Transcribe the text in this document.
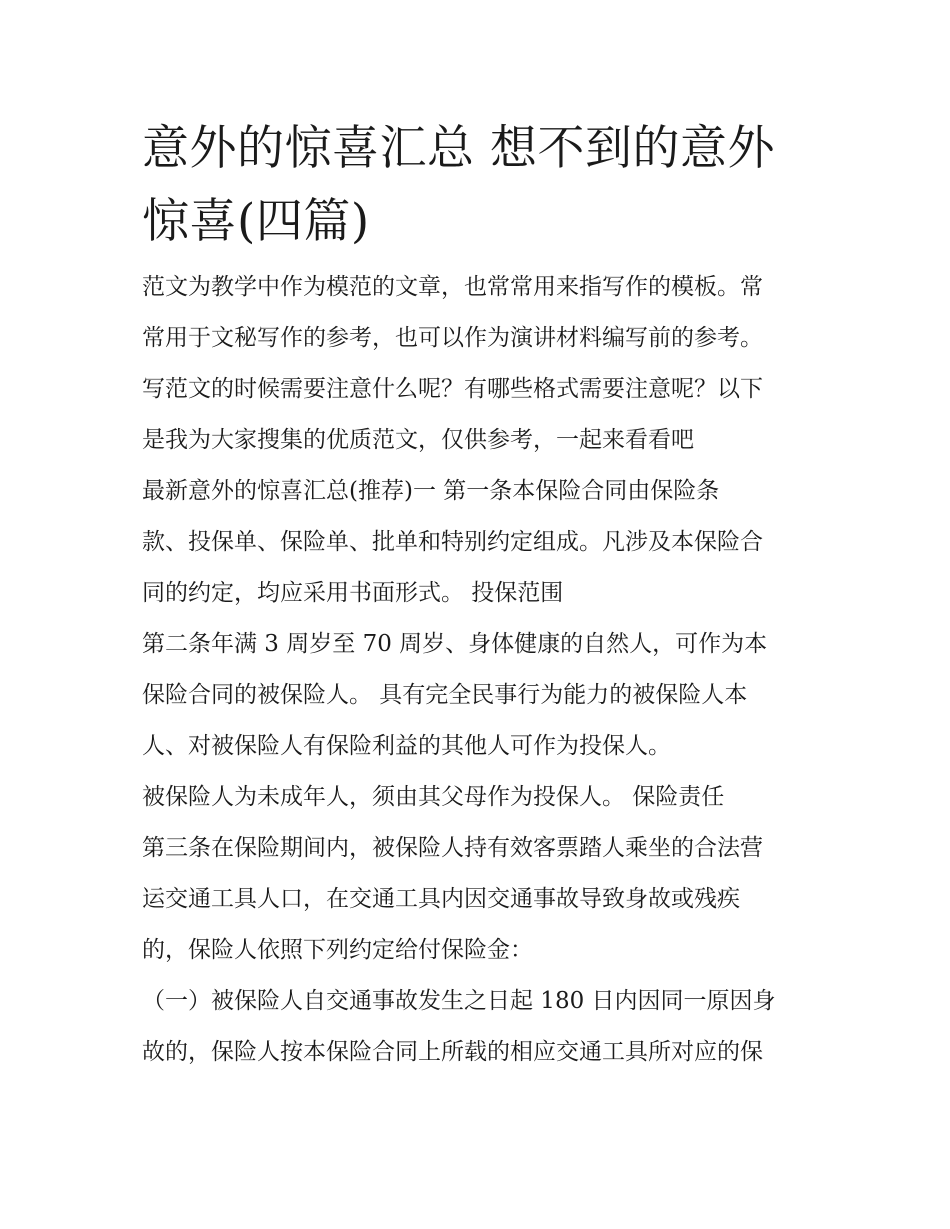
意外的惊喜汇总 想不到的意外
惊喜(四篇)

范文为教学中作为模范的文章，也常常用来指写作的模板。常

常用于文秘写作的参考，也可以作为演讲材料编写前的参考。

写范文的时候需要注意什么呢？有哪些格式需要注意呢？以下

是我为大家搜集的优质范文，仅供参考，一起来看看吧

最新意外的惊喜汇总(推荐)一 第一条本保险合同由保险条

款、投保单、保险单、批单和特别约定组成。凡涉及本保险合

同的约定，均应采用书面形式。 投保范围

第二条年满 3 周岁至 70 周岁、身体健康的自然人，可作为本

保险合同的被保险人。 具有完全民事行为能力的被保险人本

人、对被保险人有保险利益的其他人可作为投保人。

被保险人为未成年人，须由其父母作为投保人。 保险责任

第三条在保险期间内，被保险人持有效客票踏人乘坐的合法营

运交通工具人口，在交通工具内因交通事故导致身故或残疾

的，保险人依照下列约定给付保险金：

（一）被保险人自交通事故发生之日起 180 日内因同一原因身

故的，保险人按本保险合同上所载的相应交通工具所对应的保
